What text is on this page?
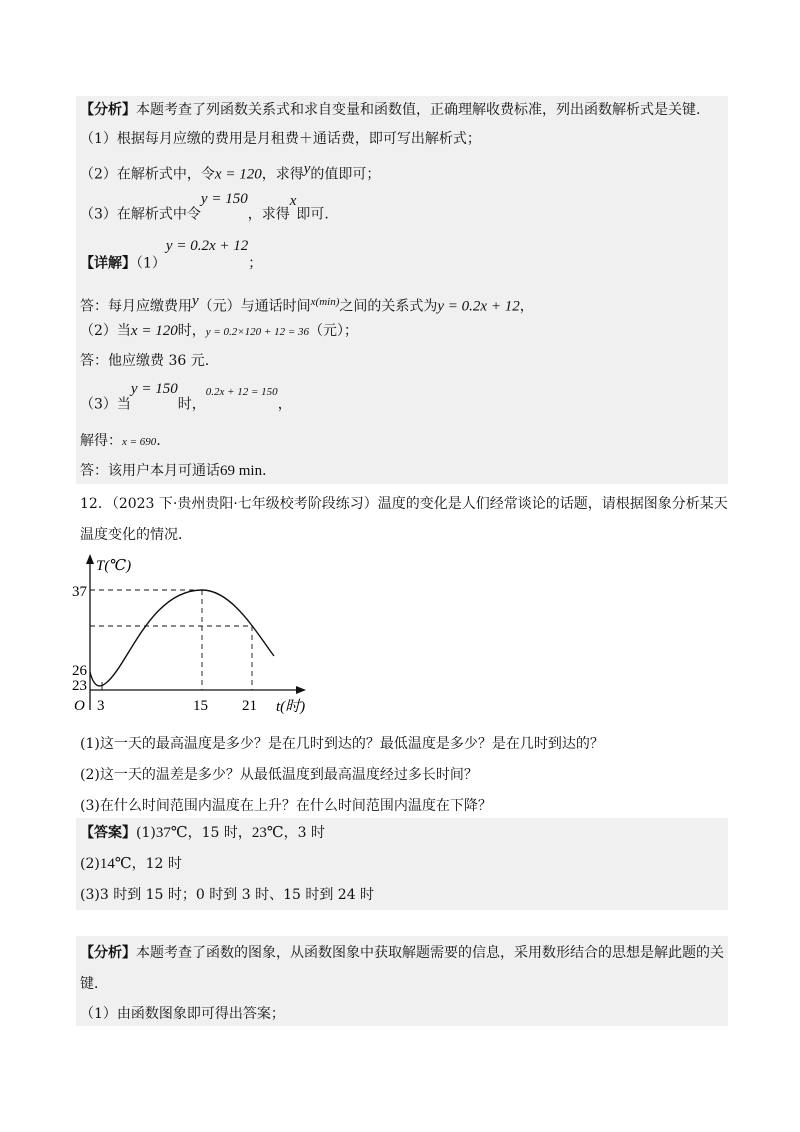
【分析】本题考查了列函数关系式和求自变量和函数值，正确理解收费标准，列出函数解析式是关键.
（1）根据每月应缴的费用是月租费＋通话费，即可写出解析式；
（2）在解析式中，令x = 120，求得$^y$的值即可；
（3）在解析式中令$^{y = 150}$，求得$^x$即可.
【详解】$(1)^{y = 0.2x + 12}$；
答：每月应缴费用$^y$（元）与通话时间$^{x(min)}$之间的关系式为y = 0.2x + 12，
（2）当x = 120时，y = 0.2×120 + 12 = 36（元）；
答：他应缴费 36 元.
（3）当$^{y = 150}$时，$^{0.2x + 12 = 150}$，
解得：x = 690．
答：该用户本月可通话69 min．
12．（2023 下·贵州贵阳·七年级校考阶段练习）温度的变化是人们经常谈论的话题，请根据图象分析某天
温度变化的情况．
T(℃)
37
26
23
O 3	15 21 t(时)
(1)这一天的最高温度是多少？是在几时到达的？最低温度是多少？是在几时到达的？
(2)这一天的温差是多少？从最低温度到最高温度经过多长时间？
(3)在什么时间范围内温度在上升？在什么时间范围内温度在下降？
【答案】(1)37℃，15 时，23℃，3 时
(2)14℃，12 时
(3)3 时到 15 时；0 时到 3 时、15 时到 24 时
【分析】本题考查了函数的图象，从函数图象中获取解题需要的信息，采用数形结合的思想是解此题的关
键．
（1）由函数图象即可得出答案；
